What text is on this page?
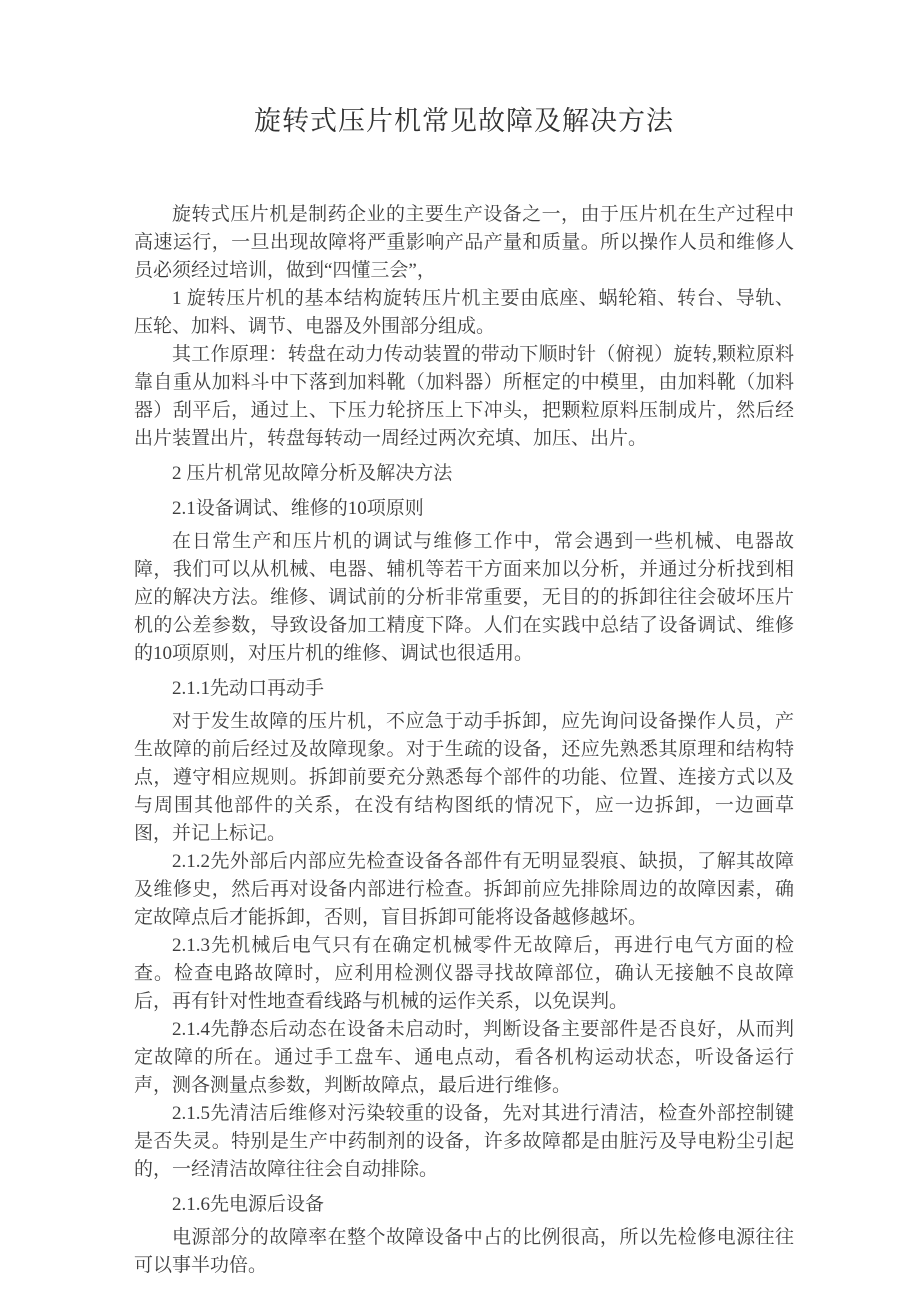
旋转式压片机常见故障及解决方法

旋转式压片机是制药企业的主要生产设备之一，由于压片机在生产过程中高速运行，一旦出现故障将严重影响产品产量和质量。所以操作人员和维修人员必须经过培训，做到“四懂三会”，

1 旋转压片机的基本结构旋转压片机主要由底座、蜗轮箱、转台、导轨、压轮、加料、调节、电器及外围部分组成。

其工作原理：转盘在动力传动装置的带动下顺时针（俯视）旋转,颗粒原料靠自重从加料斗中下落到加料靴（加料器）所框定的中模里，由加料靴（加料器）刮平后，通过上、下压力轮挤压上下冲头，把颗粒原料压制成片，然后经出片装置出片，转盘每转动一周经过两次充填、加压、出片。

2 压片机常见故障分析及解决方法
2.1设备调试、维修的10项原则

在日常生产和压片机的调试与维修工作中，常会遇到一些机械、电器故障，我们可以从机械、电器、辅机等若干方面来加以分析，并通过分析找到相应的解决方法。维修、调试前的分析非常重要，无目的的拆卸往往会破坏压片机的公差参数，导致设备加工精度下降。人们在实践中总结了设备调试、维修的10项原则，对压片机的维修、调试也很适用。

2.1.1先动口再动手

对于发生故障的压片机，不应急于动手拆卸，应先询问设备操作人员，产生故障的前后经过及故障现象。对于生疏的设备，还应先熟悉其原理和结构特点，遵守相应规则。拆卸前要充分熟悉每个部件的功能、位置、连接方式以及与周围其他部件的关系，在没有结构图纸的情况下，应一边拆卸，一边画草图，并记上标记。

2.1.2先外部后内部应先检查设备各部件有无明显裂痕、缺损，了解其故障及维修史，然后再对设备内部进行检查。拆卸前应先排除周边的故障因素，确定故障点后才能拆卸，否则，盲目拆卸可能将设备越修越坏。

2.1.3先机械后电气只有在确定机械零件无故障后，再进行电气方面的检查。检查电路故障时，应利用检测仪器寻找故障部位，确认无接触不良故障后，再有针对性地查看线路与机械的运作关系，以免误判。

2.1.4先静态后动态在设备未启动时，判断设备主要部件是否良好，从而判定故障的所在。通过手工盘车、通电点动，看各机构运动状态，听设备运行声，测各测量点参数，判断故障点，最后进行维修。

2.1.5先清洁后维修对污染较重的设备，先对其进行清洁，检查外部控制键是否失灵。特别是生产中药制剂的设备，许多故障都是由脏污及导电粉尘引起的，一经清洁故障往往会自动排除。

2.1.6先电源后设备

电源部分的故障率在整个故障设备中占的比例很高，所以先检修电源往往可以事半功倍。
